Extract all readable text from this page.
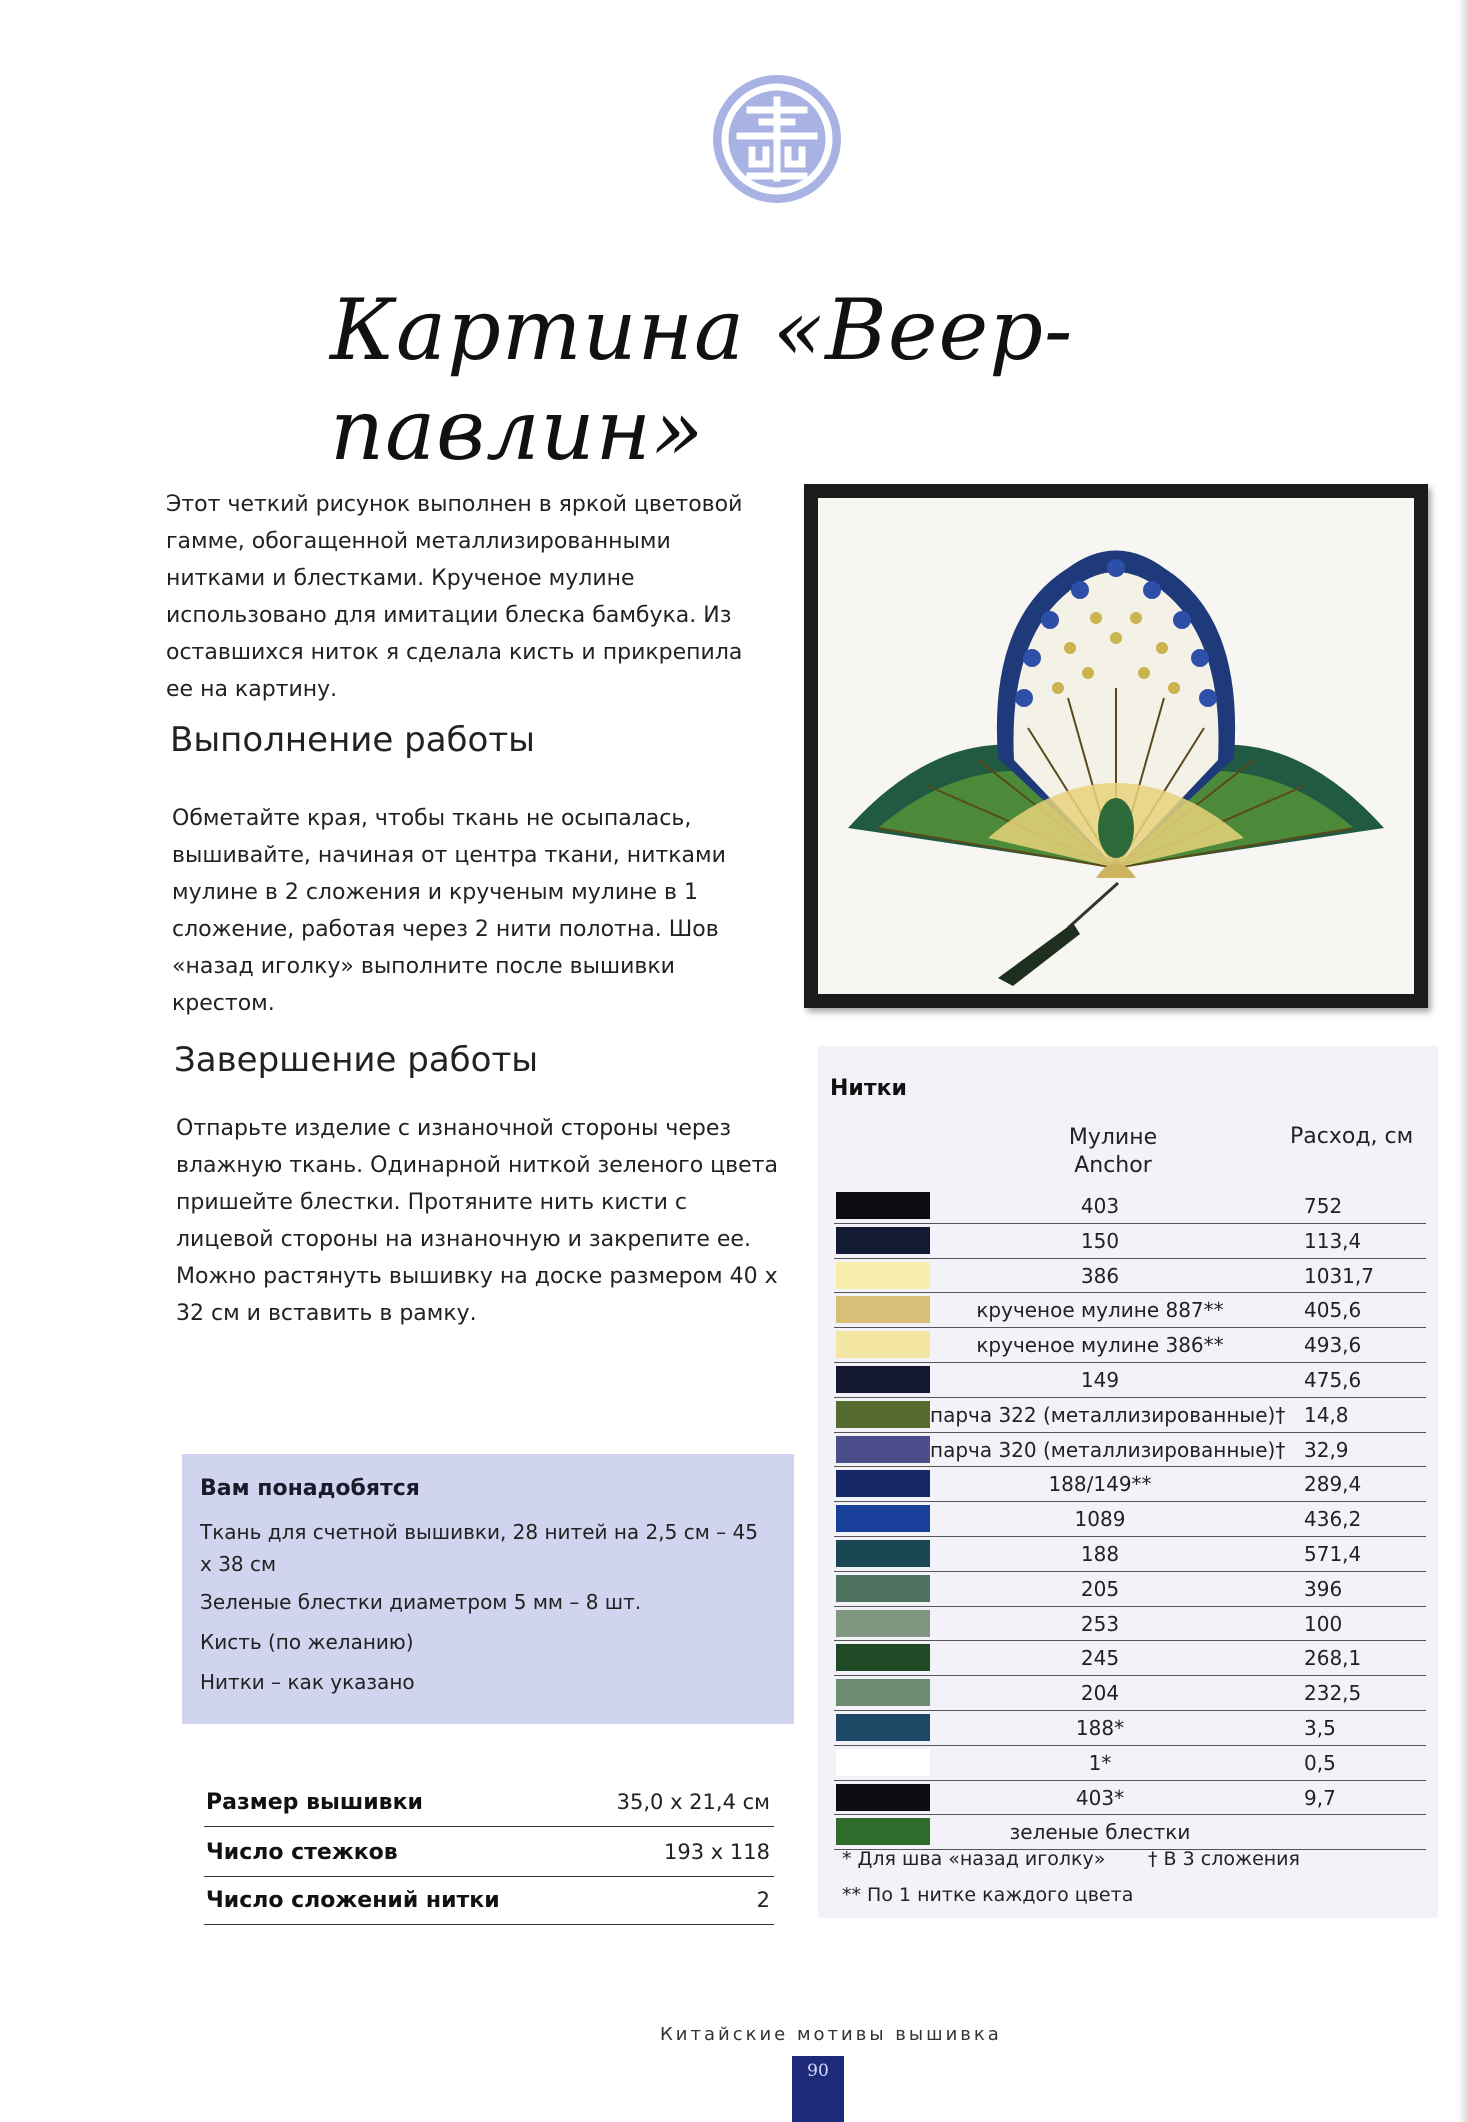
Картина «Веер-павлин»
Этот четкий рисунок выполнен в яркой цветовой гамме, обогащенной металлизированными нитками и блестками. Крученое мулине использовано для имитации блеска бамбука. Из оставшихся ниток я сделала кисть и прикрепила ее на картину.
Выполнение работы
Обметайте края, чтобы ткань не осыпалась, вышивайте, начиная от центра ткани, нитками мулине в 2 сложения и крученым мулине в 1 сложение, работая через 2 нити полотна. Шов «назад иголку» выполните после вышивки крестом.
Завершение работы
Отпарьте изделие с изнаночной стороны через влажную ткань. Одинарной ниткой зеленого цвета пришейте блестки. Протяните нить кисти с лицевой стороны на изнаночную и закрепите ее. Можно растянуть вышивку на доске размером 40 х 32 см и вставить в рамку.
Вам понадобятся
Ткань для счетной вышивки, 28 нитей на 2,5 см – 45 х 38 см
Зеленые блестки диаметром 5 мм – 8 шт.
Кисть (по желанию)
Нитки – как указано
Размер вышивки	35,0 х 21,4 см
Число стежков	193 х 118
Число сложений нитки	2
Нитки
Мулине Anchor
Расход, см
403	752
150	113,4
386	1031,7
крученое мулине 887**	405,6
крученое мулине 386**	493,6
149	475,6
парча 322 (металлизированные)† 14,8
парча 320 (металлизированные)† 32,9
188/149**	289,4
1089	436,2
188	571,4
205	396
253	100
245	268,1
204	232,5
188*	3,5
1*	0,5
403*	9,7
зеленые блестки
* Для шва «назад иголку» † В 3 сложения
** По 1 нитке каждого цвета
Китайские мотивы вышивка
90
